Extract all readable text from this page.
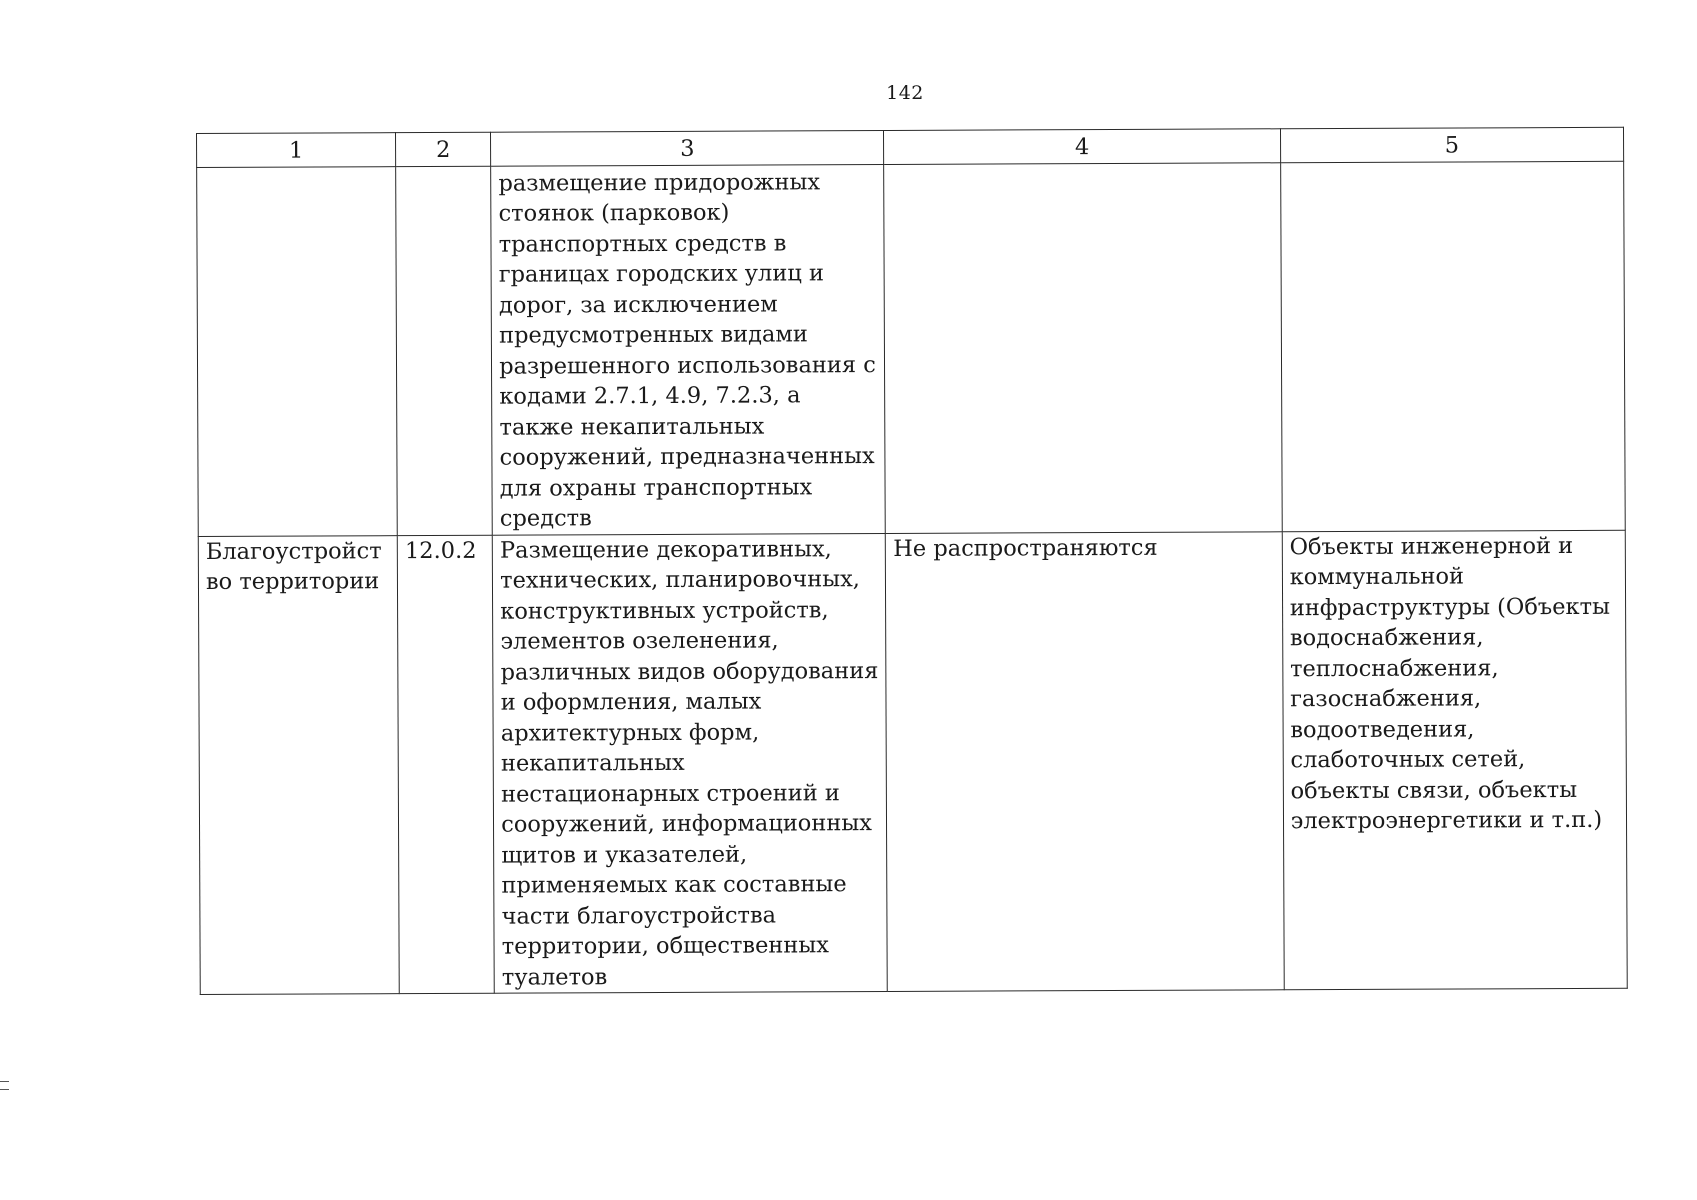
142
1	2	3	4	5

		размещение придорожных стоянок (парковок) транспортных средств в границах городских улиц и дорог, за исключением предусмотренных видами разрешенного использования с кодами 2.7.1, 4.9, 7.2.3, а также некапитальных сооружений, предназначенных для охраны транспортных средств		

Благоустройство территории	12.0.2	Размещение декоративных, технических, планировочных, конструктивных устройств, элементов озеленения, различных видов оборудования и оформления, малых архитектурных форм, некапитальных нестационарных строений и сооружений, информационных щитов и указателей, применяемых как составные части благоустройства территории, общественных туалетов	Не распространяются	Объекты инженерной и коммунальной инфраструктуры (Объекты водоснабжения, теплоснабжения, газоснабжения, водоотведения, слаботочных сетей, объекты связи, объекты электроэнергетики и т.п.)
